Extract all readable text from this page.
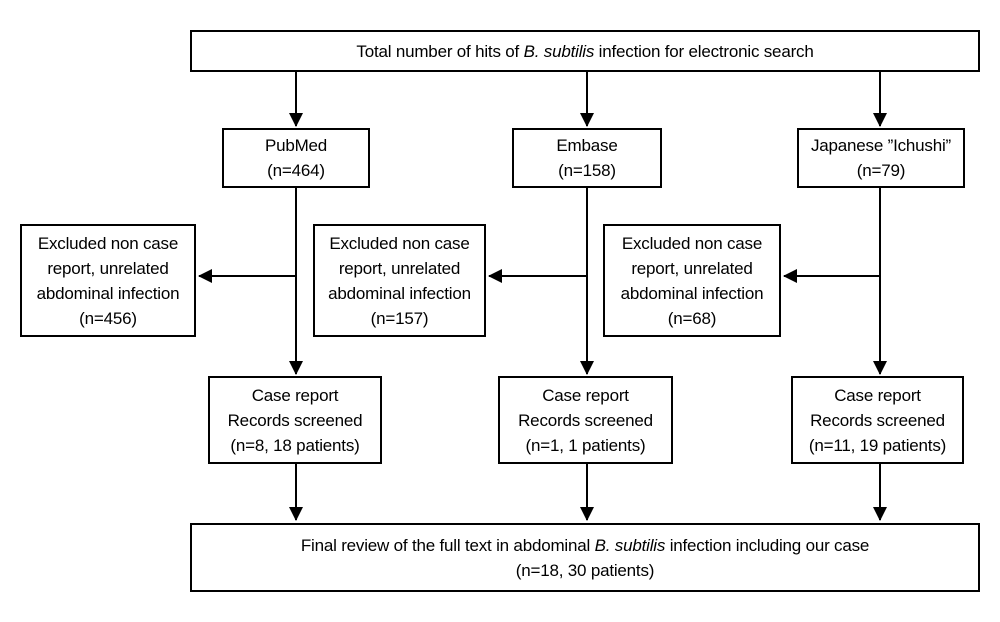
Total number of hits of B. subtilis infection for electronic search
PubMed
(n=464)
Embase
(n=158)
Japanese ”Ichushi”
(n=79)
Excluded non case
report, unrelated
abdominal infection
(n=456)
Excluded non case
report, unrelated
abdominal infection
(n=157)
Excluded non case
report, unrelated
abdominal infection
(n=68)
Case report
Records screened
(n=8, 18 patients)
Case report
Records screened
(n=1, 1 patients)
Case report
Records screened
(n=11, 19 patients)
Final review of the full text in abdominal B. subtilis infection including our case
(n=18, 30 patients)
